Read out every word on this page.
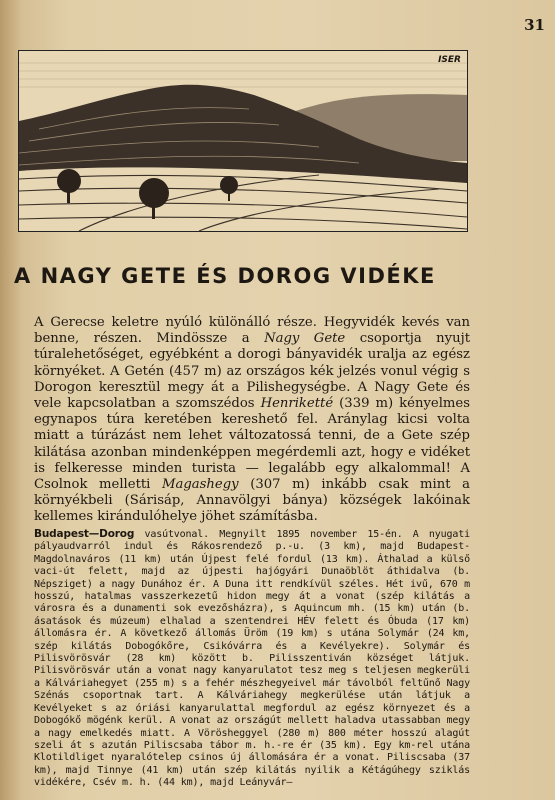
31
ISER
A NAGY GETE ÉS DOROG VIDÉKE

A Gerecse keletre nyúló különálló része. Hegyvidék kevés van benne, részen. Mindössze a Nagy Gete csoportja nyujt túralehetőséget, egyébként a dorogi bányavidék uralja az egész környéket. A Getén (457 m) az országos kék jelzés vonul végig s Dorogon keresztül megy át a Pilishegységbe. A Nagy Gete és vele kapcsolatban a szomszédos Henriketté (339 m) kényelmes egynapos túra keretében kereshető fel. Aránylag kicsi volta miatt a túrázást nem lehet változatossá tenni, de a Gete szép kilátása azonban mindenképpen megérdemli azt, hogy e vidéket is felkeresse minden turista — legalább egy alkalommal! A Csolnok melletti Magashegy (307 m) inkább csak mint a környékbeli (Sárisáp, Annavölgyi bánya) községek lakóinak kellemes kirándulóhelye jöhet számításba.

Budapest—Dorog vasútvonal. Megnyilt 1895 november 15-én. A nyugati pályaudvarról indul és Rákosrendező p.-u. (3 km), majd Budapest-Magdolnaváros (11 km) után Újpest felé fordul (13 km). Áthalad a külső vaci-út felett, majd az újpesti hajógyári Dunaöblöt áthidalva (b. Népsziget) a nagy Dunához ér. A Duna itt rendkívül széles. Hét ivű, 670 m hosszú, hatalmas vasszerkezetű hidon megy át a vonat (szép kilátás a városra és a dunamenti sok evezősházra), s Aquincum mh. (15 km) után (b. ásatások és múzeum) elhalad a szentendrei HÉV felett és Óbuda (17 km) állomásra ér. A következő állomás Üröm (19 km) s utána Solymár (24 km, szép kilátás Dobogókőre, Csikóvárra és a Kevélyekre). Solymár és Pilisvörösvár (28 km) között b. Pilisszentiván községet látjuk. Pilisvörösvár után a vonat nagy kanyarulatot tesz meg s teljesen megkerüli a Kálváriahegyet (255 m) s a fehér mészhegyeivel már távolból feltűnő Nagy Szénás csoportnak tart. A Kálváriahegy megkerülése után látjuk a Kevélyeket s az óriási kanyarulattal megfordul az egész környezet és a Dobogókő mögénk kerül. A vonat az országút mellett haladva utassabban megy a nagy emelkedés miatt. A Vörösheggyel (280 m) 800 méter hosszú alagút szeli át s azután Piliscsaba tábor m. h.-re ér (35 km). Egy km-rel utána Klotildliget nyaralótelep csinos új állomására ér a vonat. Piliscsaba (37 km), majd Tinnye (41 km) után szép kilátás nyilik a Kétágúhegy sziklás vidékére, Csév m. h. (44 km), majd Leányvár—
